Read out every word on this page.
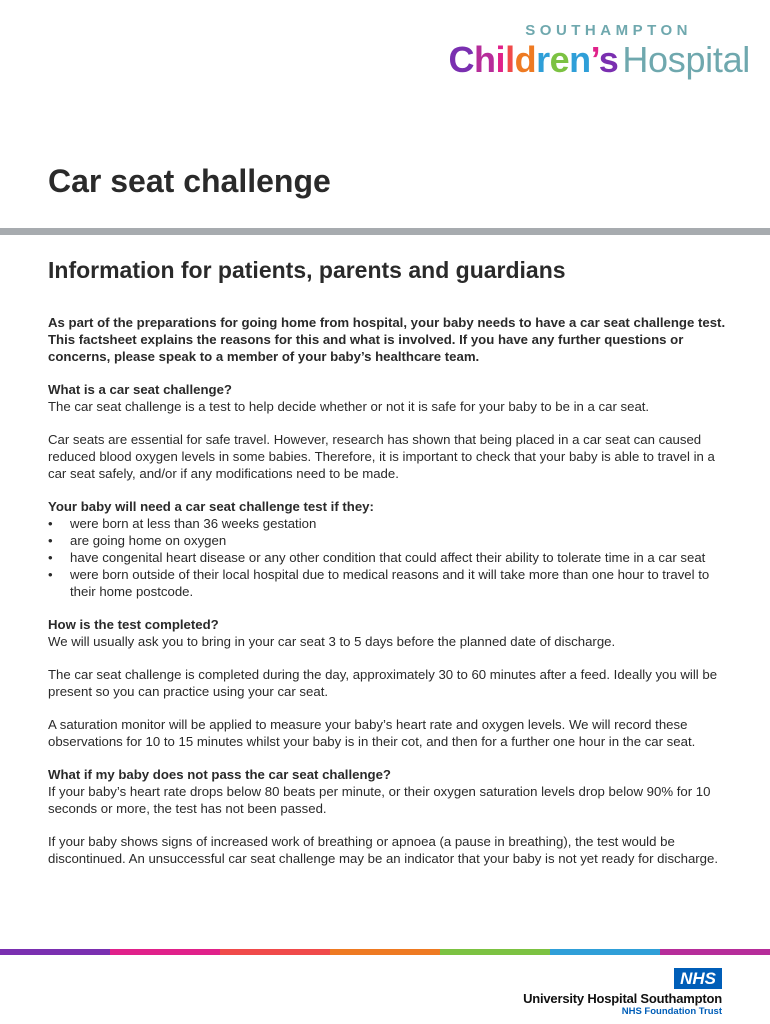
SOUTHAMPTON
Children’s Hospital
Car seat challenge
Information for patients, parents and guardians

As part of the preparations for going home from hospital, your baby needs to have a car seat challenge test. This factsheet explains the reasons for this and what is involved. If you have any further questions or concerns, please speak to a member of your baby’s healthcare team.

What is a car seat challenge?

The car seat challenge is a test to help decide whether or not it is safe for your baby to be in a car seat.

Car seats are essential for safe travel. However, research has shown that being placed in a car seat can caused reduced blood oxygen levels in some babies. Therefore, it is important to check that your baby is able to travel in a car seat safely, and/or if any modifications need to be made.

Your baby will need a car seat challenge test if they:
• were born at less than 36 weeks gestation
• are going home on oxygen
• have congenital heart disease or any other condition that could affect their ability to tolerate time in a car seat
• were born outside of their local hospital due to medical reasons and it will take more than one hour to travel to their home postcode.
How is the test completed?

We will usually ask you to bring in your car seat 3 to 5 days before the planned date of discharge.

The car seat challenge is completed during the day, approximately 30 to 60 minutes after a feed. Ideally you will be present so you can practice using your car seat.

A saturation monitor will be applied to measure your baby’s heart rate and oxygen levels. We will record these observations for 10 to 15 minutes whilst your baby is in their cot, and then for a further one hour in the car seat.

What if my baby does not pass the car seat challenge?

If your baby’s heart rate drops below 80 beats per minute, or their oxygen saturation levels drop below 90% for 10 seconds or more, the test has not been passed.

If your baby shows signs of increased work of breathing or apnoea (a pause in breathing), the test would be discontinued. An unsuccessful car seat challenge may be an indicator that your baby is not yet ready for discharge.

NHS
University Hospital Southampton
NHS Foundation Trust
